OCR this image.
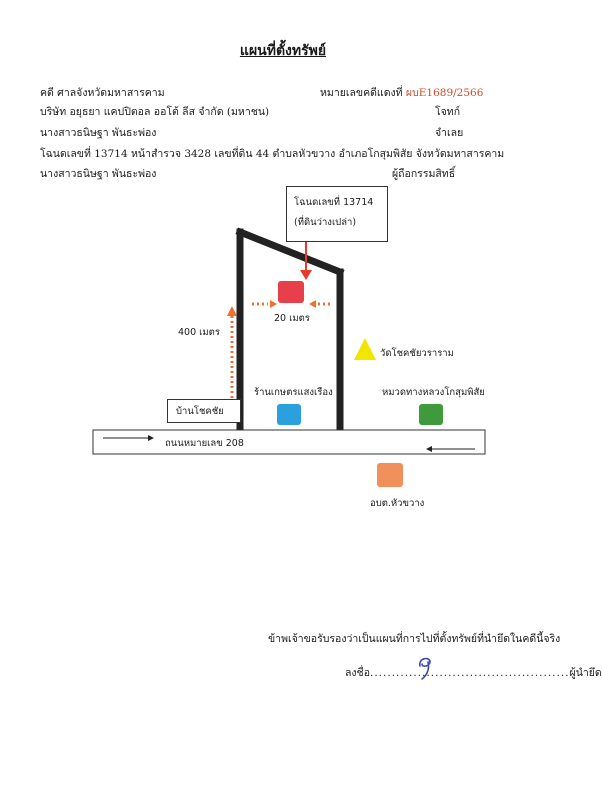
แผนที่ตั้งทรัพย์
คดี ศาลจังหวัดมหาสารคาม	หมายเลขคดีแดงที่ ผบE1689/2566
บริษัท อยุธยา แคปปิตอล ออโต้ ลีส จำกัด (มหาชน)	โจทก์
นางสาวธนิษฐา พันธะพ่อง	จำเลย
โฉนดเลขที่ 13714 หน้าสำรวจ 3428 เลขที่ดิน 44 ตำบลหัวขวาง อำเภอโกสุมพิสัย จังหวัดมหาสารคาม
นางสาวธนิษฐา พันธะพ่อง	ผู้ถือกรรมสิทธิ์
โฉนดเลขที่ 13714
(ที่ดินว่างเปล่า)
20 เมตร
400 เมตร
วัดโชคชัยวราราม
ร้านเกษตรแสงเรือง	หมวดทางหลวงโกสุมพิสัย
บ้านโชคชัย
ถนนหมายเลข 208
อบต.หัวขวาง
ข้าพเจ้าขอรับรองว่าเป็นแผนที่การไปที่ตั้งทรัพย์ที่นำยึดในคดีนี้จริง
ลงชื่อ..............................................ผู้นำยึด
